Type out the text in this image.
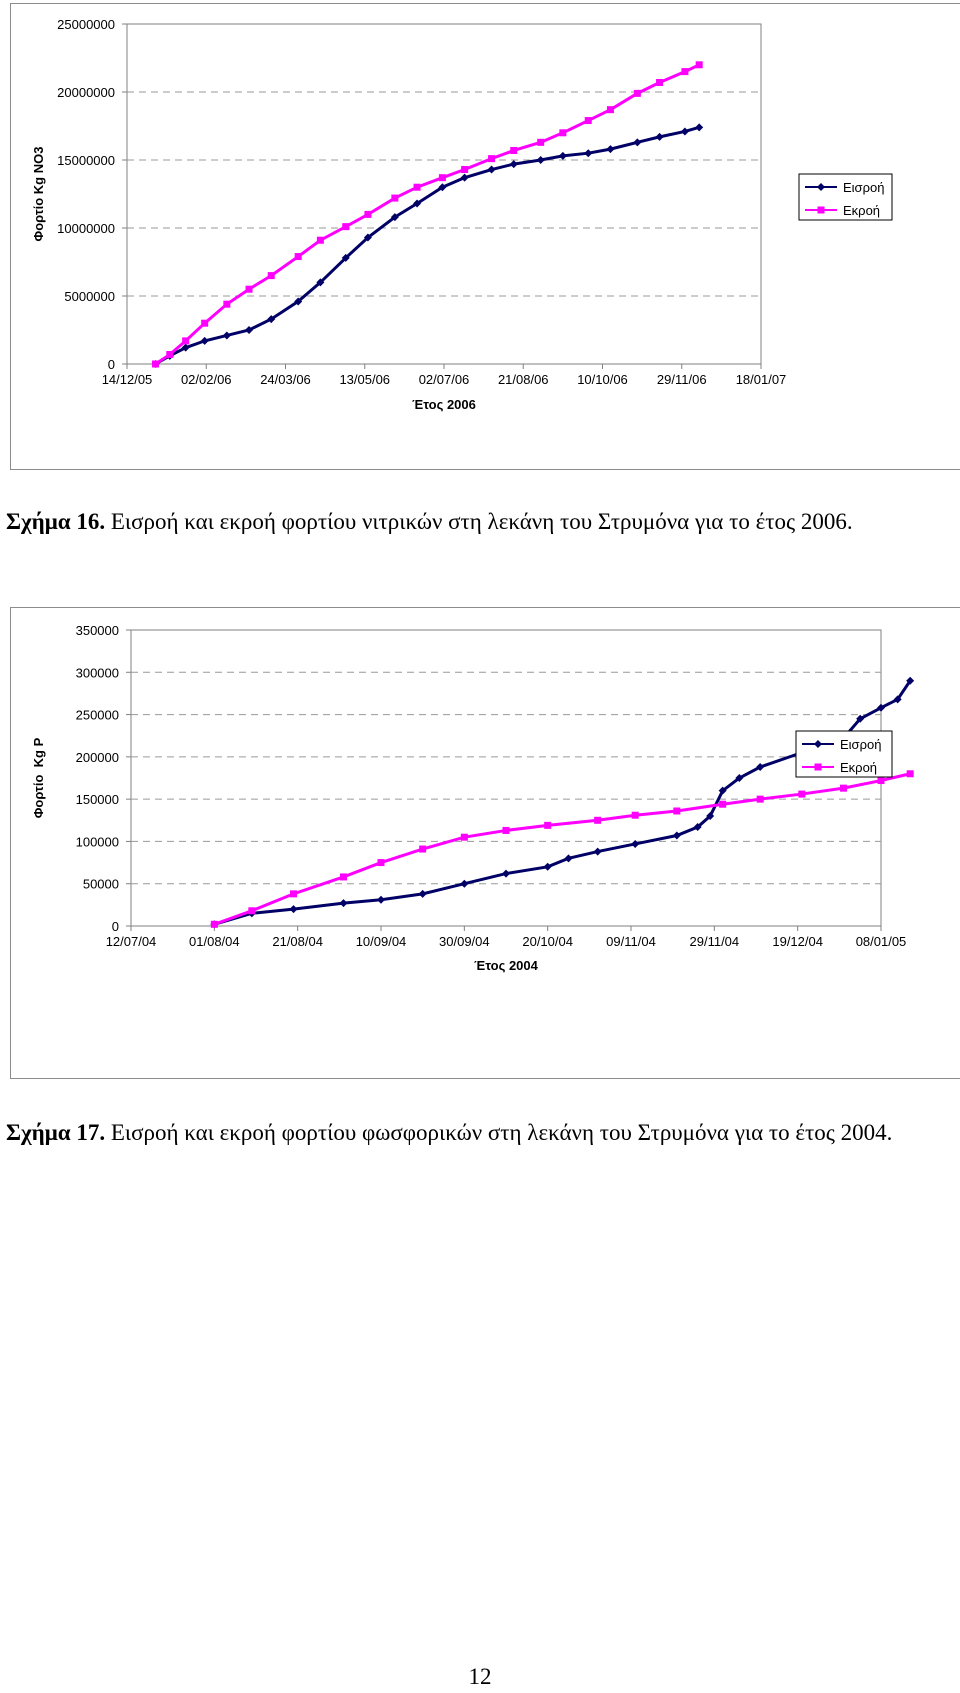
0
5000000
10000000
15000000
20000000
25000000
14/12/05 02/02/06 24/03/06 13/05/06 02/07/06 21/08/06 10/10/06 29/11/06 18/01/07
Έτος 2006
Φορτίο Kg NO3	Εισροή
Εκροή
Σχήμα 16. Εισροή και εκροή φορτίου νιτρικών στη λεκάνη του Στρυμόνα για το έτος 2006.
0
50000
100000
150000
200000
250000
300000
350000
12/07/04	01/08/04	21/08/04	10/09/04	30/09/04	20/10/04	09/11/04	29/11/04	19/12/04	08/01/05
Έτος 2004
Φορτίο  Kg P	Εισροή
Εκροή
Σχήμα 17. Εισροή και εκροή φορτίου φωσφορικών στη λεκάνη του Στρυμόνα για το έτος 2004.
12
